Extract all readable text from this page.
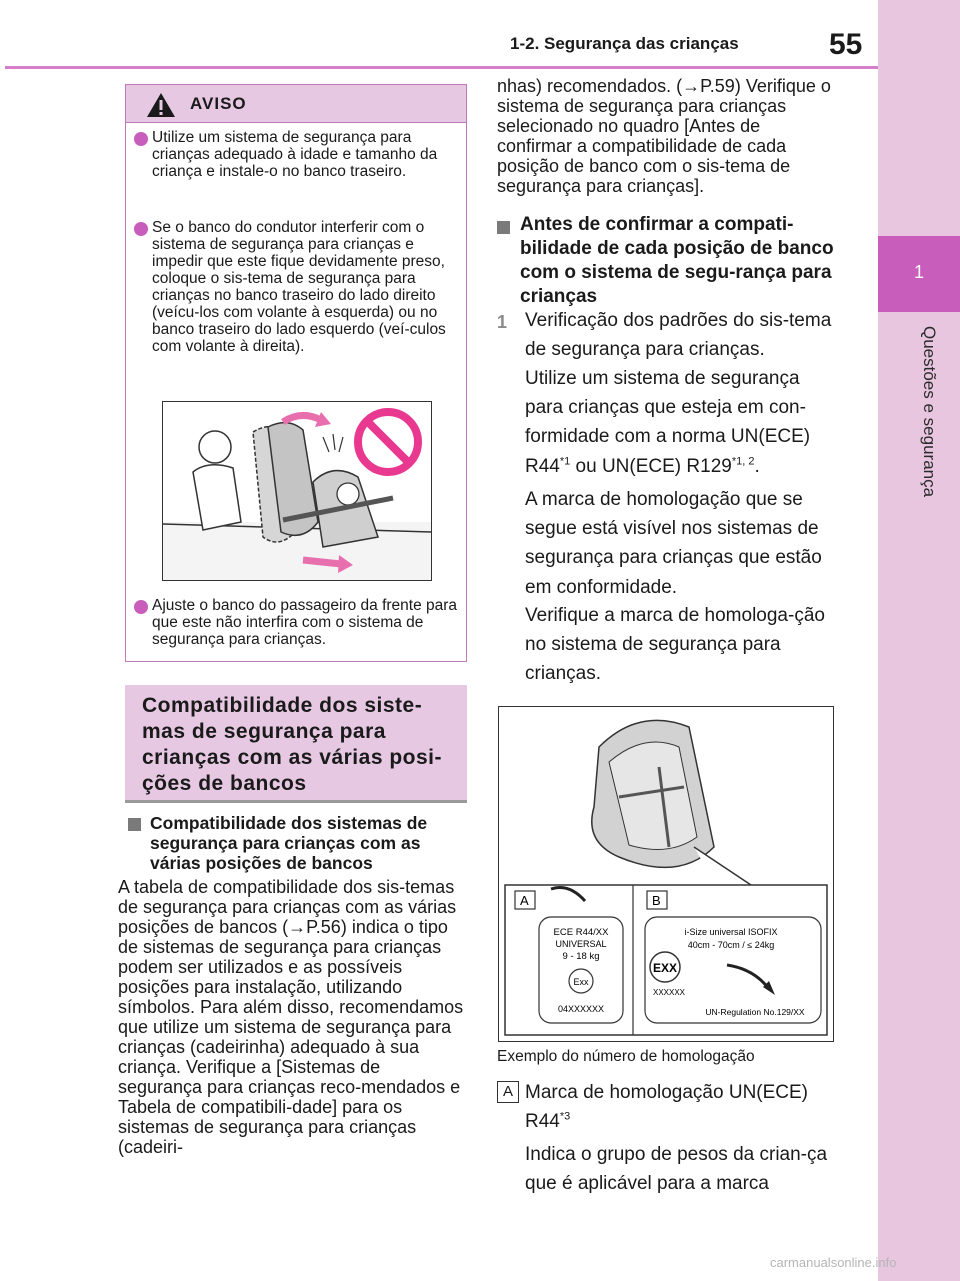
1-2. Segurança das crianças	55
1
Questões e segurança
AVISO
Utilize um sistema de segurança para crianças adequado à idade e tamanho da criança e instale-o no banco traseiro.
Se o banco do condutor interferir com o sistema de segurança para crianças e impedir que este fique devidamente preso, coloque o sis-tema de segurança para crianças no banco traseiro do lado direito (veícu-los com volante à esquerda) ou no banco traseiro do lado esquerdo (veí-culos com volante à direita).
Ajuste o banco do passageiro da frente para que este não interfira com o sistema de segurança para crianças.
Compatibilidade dos siste-mas de segurança para crianças com as várias posi-ções de bancos
Compatibilidade dos sistemas de segurança para crianças com as várias posições de bancos
A tabela de compatibilidade dos sis-temas de segurança para crianças com as várias posições de bancos (→P.56) indica o tipo de sistemas de segurança para crianças podem ser utilizados e as possíveis posições para instalação, utilizando símbolos. Para além disso, recomendamos que utilize um sistema de segurança para crianças (cadeirinha) adequado à sua criança. Verifique a [Sistemas de segurança para crianças reco-mendados e Tabela de compatibili-dade] para os sistemas de segurança para crianças (cadeiri-
nhas) recomendados. (→P.59) Verifique o sistema de segurança para crianças selecionado no quadro [Antes de confirmar a compatibilidade de cada posição de banco com o sis-tema de segurança para crianças].
Antes de confirmar a compati-bilidade de cada posição de banco com o sistema de segu-rança para crianças
1 Verificação dos padrões do sis-tema de segurança para crianças.
Utilize um sistema de segurança para crianças que esteja em con-formidade com a norma UN(ECE) R44$^{*1}$ ou UN(ECE) R129$^{*1, 2}$.
A marca de homologação que se segue está visível nos sistemas de segurança para crianças que estão em conformidade.
Verifique a marca de homologa-ção no sistema de segurança para crianças.
A	B
ECE R44/XX
UNIVERSAL
9 - 18 kg
Exx
04XXXXXX
i-Size universal ISOFIX
40cm - 70cm / ≤ 24kg
EXX
XXXXXX
UN-Regulation No.129/XX
Exemplo do número de homologação
A Marca de homologação UN(ECE) R44$^{*3}$
Indica o grupo de pesos da crian-ça que é aplicável para a marca
carmanualsonline.info
